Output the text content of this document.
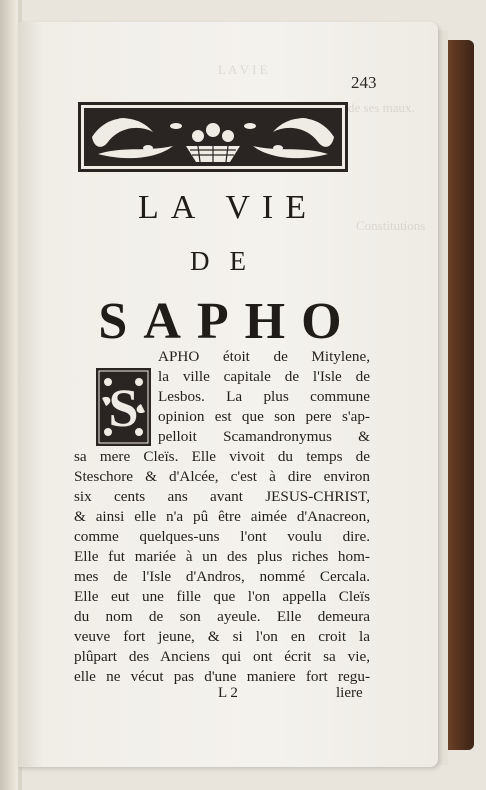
L A V I E
de ses maux.
Constitutions
243
LA VIE
DE
SAPHO
S
APHO étoit de Mitylene,
la ville capitale de l'Isle de
Lesbos. La plus commune
opinion est que son pere s'ap-
pelloit Scamandronymus &
sa mere Cleïs. Elle vivoit du temps de
Steschore & d'Alcée, c'est à dire environ
six cents ans avant JESUS-CHRIST,
& ainsi elle n'a pû être aimée d'Anacreon,
comme quelques-uns l'ont voulu dire.
Elle fut mariée à un des plus riches hom-
mes de l'Isle d'Andros, nommé Cercala.
Elle eut une fille que l'on appella Cleïs
du nom de son ayeule. Elle demeura
veuve fort jeune, & si l'on en croit la
plûpart des Anciens qui ont écrit sa vie,
elle ne vécut pas d'une maniere fort regu-
L 2	liere
